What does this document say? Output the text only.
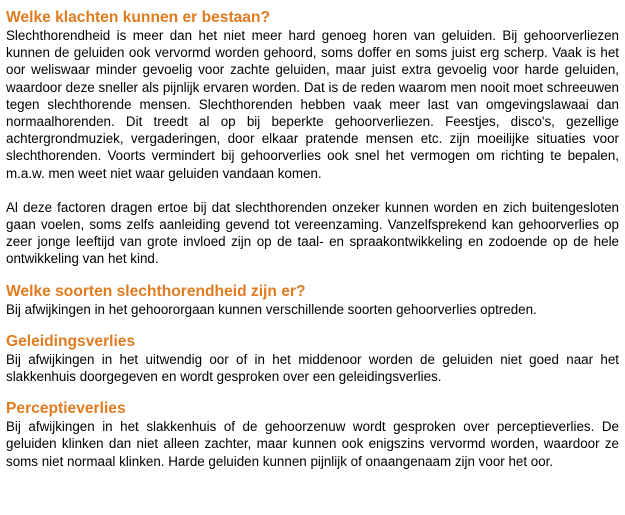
Welke klachten kunnen er bestaan?

Slechthorendheid is meer dan het niet meer hard genoeg horen van geluiden. Bij gehoorverliezen kunnen de geluiden ook vervormd worden gehoord, soms doffer en soms juist erg scherp. Vaak is het oor weliswaar minder gevoelig voor zachte geluiden, maar juist extra gevoelig voor harde geluiden, waardoor deze sneller als pijnlijk ervaren worden. Dat is de reden waarom men nooit moet schreeuwen tegen slechthorende mensen. Slechthorenden hebben vaak meer last van omgevingslawaai dan normaalhorenden. Dit treedt al op bij beperkte gehoorverliezen. Feestjes, disco's, gezellige achtergrondmuziek, vergaderingen, door elkaar pratende mensen etc. zijn moeilijke situaties voor slechthorenden. Voorts vermindert bij gehoorverlies ook snel het vermogen om richting te bepalen, m.a.w. men weet niet waar geluiden vandaan komen.

Al deze factoren dragen ertoe bij dat slechthorenden onzeker kunnen worden en zich buitengesloten gaan voelen, soms zelfs aanleiding gevend tot vereenzaming. Vanzelfsprekend kan gehoorverlies op zeer jonge leeftijd van grote invloed zijn op de taal- en spraakontwikkeling en zodoende op de hele ontwikkeling van het kind.

Welke soorten slechthorendheid zijn er?

Bij afwijkingen in het gehoororgaan kunnen verschillende soorten gehoorverlies optreden.

Geleidingsverlies

Bij afwijkingen in het uitwendig oor of in het middenoor worden de geluiden niet goed naar het slakkenhuis doorgegeven en wordt gesproken over een geleidingsverlies.

Perceptieverlies

Bij afwijkingen in het slakkenhuis of de gehoorzenuw wordt gesproken over perceptieverlies. De geluiden klinken dan niet alleen zachter, maar kunnen ook enigszins vervormd worden, waardoor ze soms niet normaal klinken. Harde geluiden kunnen pijnlijk of onaangenaam zijn voor het oor.
